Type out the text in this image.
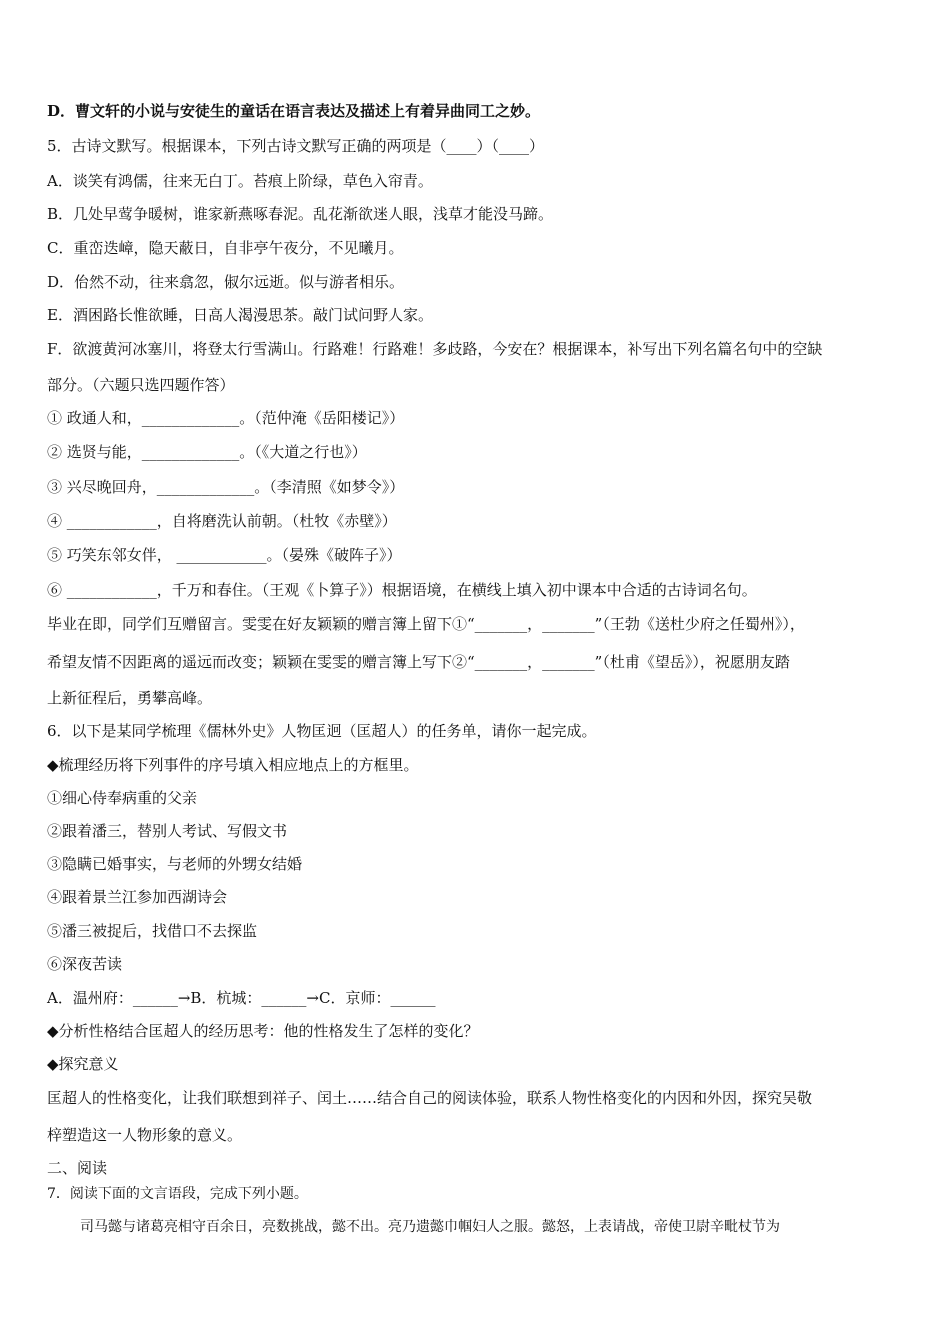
D．曹文轩的小说与安徒生的童话在语言表达及描述上有着异曲同工之妙。
5．古诗文默写。根据课本，下列古诗文默写正确的两项是（____）（____）
A．谈笑有鸿儒，往来无白丁。苔痕上阶绿，草色入帘青。
B．几处早莺争暖树，谁家新燕啄春泥。乱花渐欲迷人眼，浅草才能没马蹄。
C．重峦迭嶂，隐天蔽日，自非亭午夜分，不见曦月。
D．佁然不动，往来翕忽，俶尔远逝。似与游者相乐。
E．酒困路长惟欲睡，日高人渴漫思茶。敲门试问野人家。
F．欲渡黄河冰塞川，将登太行雪满山。行路难！行路难！多歧路，今安在？根据课本，补写出下列名篇名句中的空缺
部分。（六题只选四题作答）
① 政通人和，_____________。（范仲淹《岳阳楼记》）
② 选贤与能，_____________。（《大道之行也》）
③ 兴尽晚回舟，_____________。（李清照《如梦令》）
④ ____________，自将磨洗认前朝。（杜牧《赤壁》）
⑤ 巧笑东邻女伴， ____________。（晏殊《破阵子》）
⑥ ____________，千万和春住。（王观《卜算子》）根据语境，在横线上填入初中课本中合适的古诗词名句。
毕业在即，同学们互赠留言。雯雯在好友颖颖的赠言簿上留下①“_______，_______”（王勃《送杜少府之任蜀州》），
希望友情不因距离的遥远而改变；颖颖在雯雯的赠言簿上写下②“_______，_______”（杜甫《望岳》），祝愿朋友踏
上新征程后，勇攀高峰。
6．以下是某同学梳理《儒林外史》人物匡迥（匡超人）的任务单，请你一起完成。
◆梳理经历将下列事件的序号填入相应地点上的方框里。
①细心侍奉病重的父亲
②跟着潘三，替别人考试、写假文书
③隐瞒已婚事实，与老师的外甥女结婚
④跟着景兰江参加西湖诗会
⑤潘三被捉后，找借口不去探监
⑥深夜苦读
A．温州府：______→B．杭城：______→C．京师：______
◆分析性格结合匡超人的经历思考：他的性格发生了怎样的变化？
◆探究意义
匡超人的性格变化，让我们联想到祥子、闰土……结合自己的阅读体验，联系人物性格变化的内因和外因，探究吴敬
梓塑造这一人物形象的意义。
二、阅读
7．阅读下面的文言语段，完成下列小题。
司马懿与诸葛亮相守百余日，亮数挑战，懿不出。亮乃遗懿巾帼妇人之服。懿怒，上表请战，帝使卫尉辛毗杖节为
